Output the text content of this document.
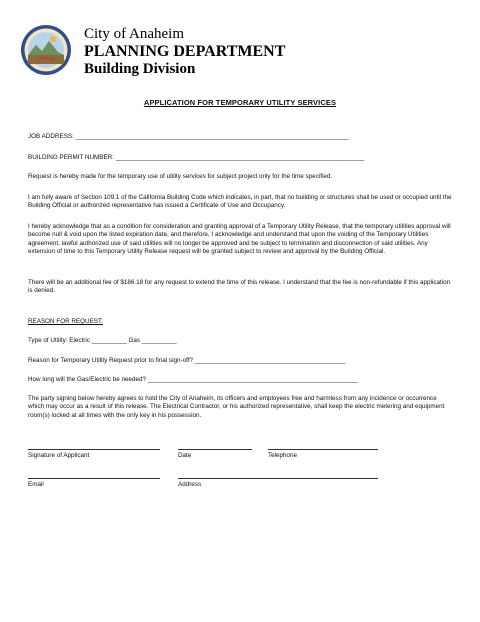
City of Anaheim
PLANNING DEPARTMENT
Building Division
APPLICATION FOR TEMPORARY UTILITY SERVICES
JOB ADDRESS: ______________________________________________________________________________
BUILDING PERMIT NUMBER: _______________________________________________________________________
Request is hereby made for the temporary use of utility services for subject project only for the time specified.
I am fully aware of Section 109.1 of the California Building Code which indicates, in part, that no building or structures shall be used or occupied until the Building Official or authorized representative has issued a Certificate of Use and Occupancy.
I hereby acknowledge that as a condition for consideration and granting approval of a Temporary Utility Release, that the temporary utilities approval will become null & void upon the listed expiration date, and therefore, I acknowledge and understand that upon the voiding of the Temporary Utilities agreement, lawful authorized use of said utilities will no longer be approved and be subject to termination and disconnection of said utilities. Any extension of time to this Temporary Utility Release request will be granted subject to review and approval by the Building Official.
There will be an additional fee of $186.18 for any request to extend the time of this release. I understand that the fee is non-refundable if this application is denied.
REASON FOR REQUEST:
Type of Utility: Electric __________ Gas __________
Reason for Temporary Utility Request prior to final sign-off? ___________________________________________
How long will the Gas/Electric be needed? ____________________________________________________________
The party signing below hereby agrees to hold the City of Anaheim, its officers and employees free and harmless from any incidence or occurrence which may occur as a result of this release. The Electrical Contractor, or his authorized representative, shall keep the electric metering and equipment room(s) locked at all times with the only key in his possession.
Signature of Applicant	Date	Telephone
Email	Address
